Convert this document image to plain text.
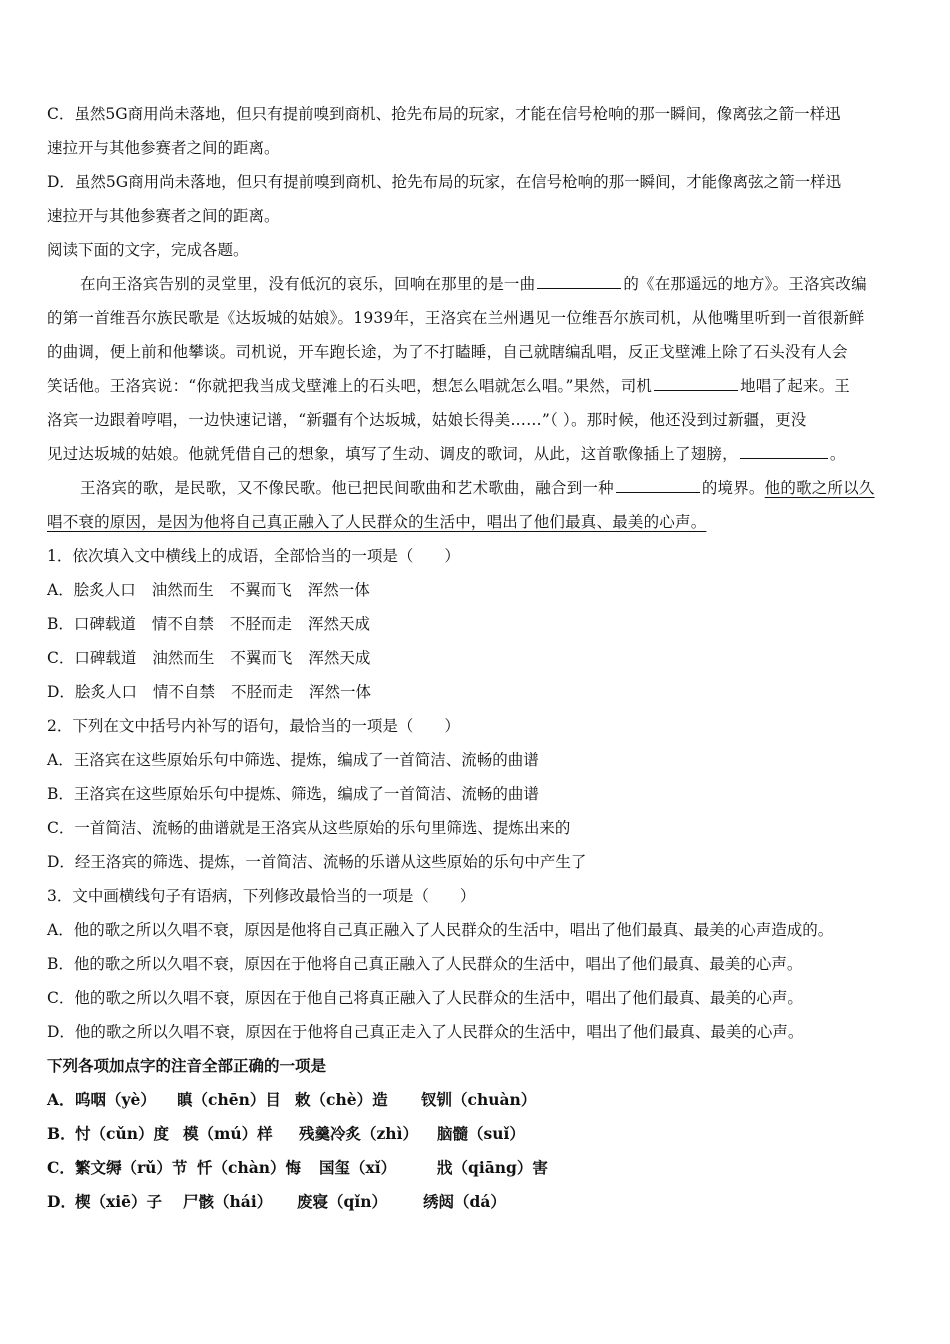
C．虽然5G商用尚未落地，但只有提前嗅到商机、抢先布局的玩家，才能在信号枪响的那一瞬间，像离弦之箭一样迅
速拉开与其他参赛者之间的距离。
D．虽然5G商用尚未落地，但只有提前嗅到商机、抢先布局的玩家，在信号枪响的那一瞬间，才能像离弦之箭一样迅
速拉开与其他参赛者之间的距离。
阅读下面的文字，完成各题。
在向王洛宾告别的灵堂里，没有低沉的哀乐，回响在那里的是一曲	的《在那遥远的地方》。王洛宾改编
的第一首维吾尔族民歌是《达坂城的姑娘》。1939年，王洛宾在兰州遇见一位维吾尔族司机，从他嘴里听到一首很新鲜
的曲调，便上前和他攀谈。司机说，开车跑长途，为了不打瞌睡，自己就瞎编乱唱，反正戈壁滩上除了石头没有人会
笑话他。王洛宾说：“你就把我当成戈壁滩上的石头吧，想怎么唱就怎么唱。”果然，司机	地唱了起来。王
洛宾一边跟着哼唱，一边快速记谱，“新疆有个达坂城，姑娘长得美……”（ ）。那时候，他还没到过新疆，更没
见过达坂城的姑娘。他就凭借自己的想象，填写了生动、调皮的歌词，从此，这首歌像插上了翅膀，	。
王洛宾的歌，是民歌，又不像民歌。他已把民间歌曲和艺术歌曲，融合到一种	的境界。他的歌之所以久
唱不衰的原因，是因为他将自己真正融入了人民群众的生活中，唱出了他们最真、最美的心声。
1．依次填入文中横线上的成语，全部恰当的一项是（　　）
A．脍炙人口 油然而生 不翼而飞 浑然一体
B．口碑载道 情不自禁 不胫而走 浑然天成
C．口碑载道 油然而生 不翼而飞 浑然天成
D．脍炙人口 情不自禁 不胫而走 浑然一体
2．下列在文中括号内补写的语句，最恰当的一项是（　　）
A．王洛宾在这些原始乐句中筛选、提炼，编成了一首简洁、流畅的曲谱
B．王洛宾在这些原始乐句中提炼、筛选，编成了一首简洁、流畅的曲谱
C．一首简洁、流畅的曲谱就是王洛宾从这些原始的乐句里筛选、提炼出来的
D．经王洛宾的筛选、提炼，一首简洁、流畅的乐谱从这些原始的乐句中产生了
3．文中画横线句子有语病，下列修改最恰当的一项是（　　）
A．他的歌之所以久唱不衰，原因是他将自己真正融入了人民群众的生活中，唱出了他们最真、最美的心声造成的。
B．他的歌之所以久唱不衰，原因在于他将自己真正融入了人民群众的生活中，唱出了他们最真、最美的心声。
C．他的歌之所以久唱不衰，原因在于他自己将真正融入了人民群众的生活中，唱出了他们最真、最美的心声。
D．他的歌之所以久唱不衰，原因在于他将自己真正走入了人民群众的生活中，唱出了他们最真、最美的心声。
下列各项加点字的注音全部正确的一项是
A．呜咽（yè） 瞋（chēn）目 敕（chè）造 钗钏（chuàn）
B．忖（cǔn）度 模（mú）样 残羹冷炙（zhì） 脑髓（suǐ）
C．繁文缛（rǔ）节 忏（chàn）悔 国玺（xǐ）	戕（qiāng）害
D．楔（xiē）子 尸骸（hái） 废寝（qǐn） 绣闼（dá）
